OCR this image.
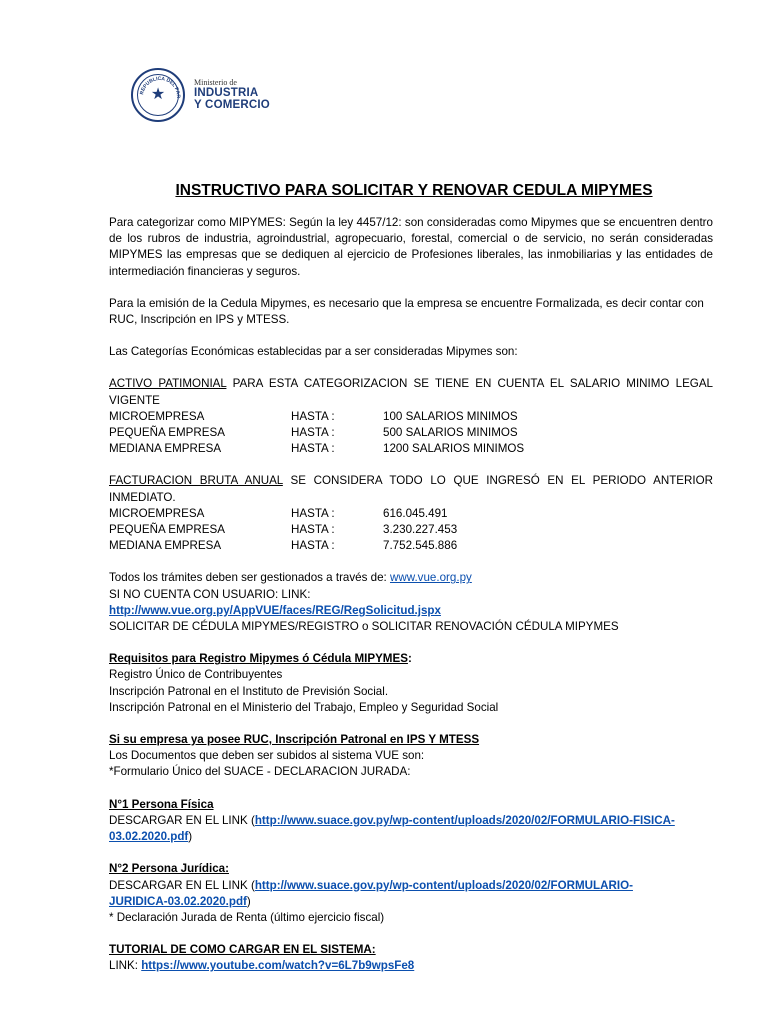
REPUBLICA DEL PAR
★
Ministerio de
INDUSTRIA
Y COMERCIO
INSTRUCTIVO PARA SOLICITAR Y RENOVAR CEDULA MIPYMES

Para categorizar como MIPYMES: Según la ley 4457/12: son consideradas como Mipymes que se encuentren dentro de los rubros de industria, agroindustrial, agropecuario, forestal, comercial o de servicio, no serán consideradas MIPYMES las empresas que se dediquen al ejercicio de Profesiones liberales, las inmobiliarias y las entidades de intermediación financieras y seguros.

Para la emisión de la Cedula Mipymes, es necesario que la empresa se encuentre Formalizada, es decir contar con RUC, Inscripción en IPS y MTESS.

Las Categorías Económicas establecidas par a ser consideradas Mipymes son:

ACTIVO PATIMONIAL PARA ESTA CATEGORIZACION SE TIENE EN CUENTA EL SALARIO MINIMO LEGAL VIGENTE

MICROEMPRESA	HASTA :	100 SALARIOS MINIMOS
PEQUEÑA EMPRESA	HASTA :	500 SALARIOS MINIMOS
MEDIANA EMPRESA	HASTA :	1200 SALARIOS MINIMOS

FACTURACION BRUTA ANUAL SE CONSIDERA TODO LO QUE INGRESÓ EN EL PERIODO ANTERIOR INMEDIATO.

MICROEMPRESA	HASTA :	616.045.491
PEQUEÑA EMPRESA	HASTA :	3.230.227.453
MEDIANA EMPRESA	HASTA :	7.752.545.886

Todos los trámites deben ser gestionados a través de: www.vue.org.py

SI NO CUENTA CON USUARIO: LINK:

http://www.vue.org.py/AppVUE/faces/REG/RegSolicitud.jspx

SOLICITAR DE CÉDULA MIPYMES/REGISTRO o SOLICITAR RENOVACIÓN CÉDULA MIPYMES

Requisitos para Registro Mipymes ó Cédula MIPYMES:

Registro Único de Contribuyentes

Inscripción Patronal en el Instituto de Previsión Social.

Inscripción Patronal en el Ministerio del Trabajo, Empleo y Seguridad Social

Si su empresa ya posee RUC, Inscripción Patronal en IPS Y MTESS

Los Documentos que deben ser subidos al sistema VUE son:

*Formulario Único del SUACE - DECLARACION JURADA:

N°1 Persona Física

DESCARGAR EN EL LINK (http://www.suace.gov.py/wp-content/uploads/2020/02/FORMULARIO-FISICA-
03.02.2020.pdf)

N°2 Persona Jurídica:

DESCARGAR EN EL LINK (http://www.suace.gov.py/wp-content/uploads/2020/02/FORMULARIO-
JURIDICA-03.02.2020.pdf)

* Declaración Jurada de Renta (último ejercicio fiscal)

TUTORIAL DE COMO CARGAR EN EL SISTEMA:

LINK: https://www.youtube.com/watch?v=6L7b9wpsFe8
